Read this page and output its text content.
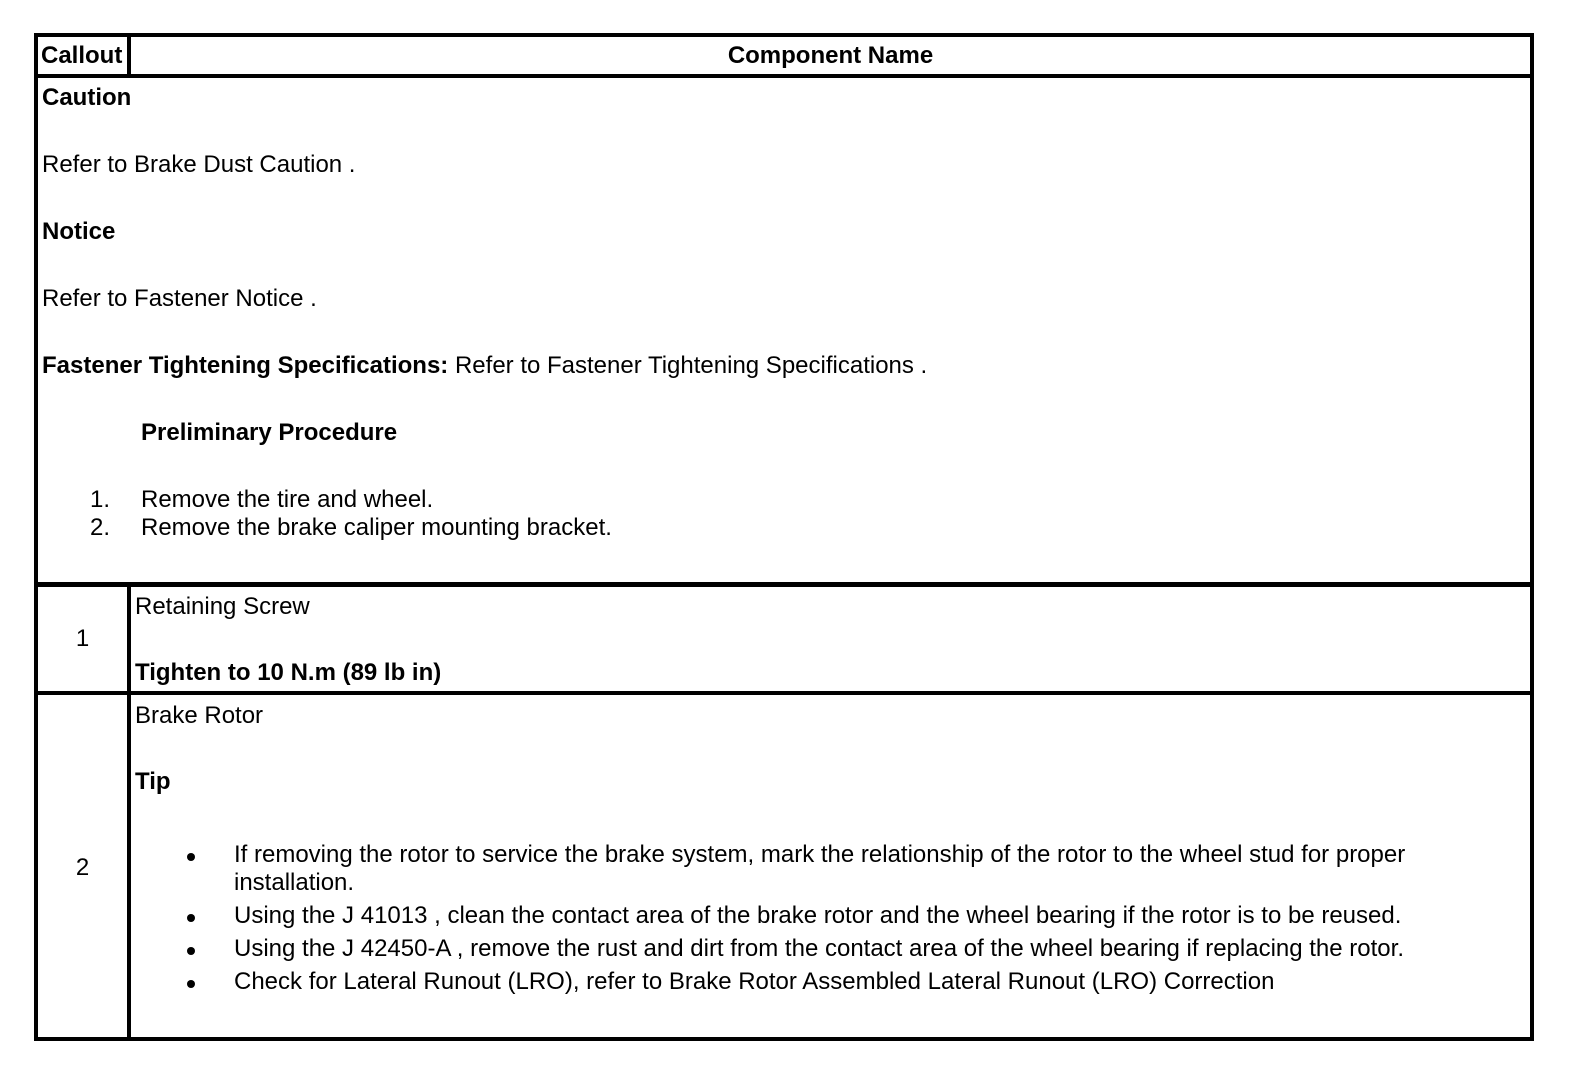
Callout	Component Name
Caution
Refer to Brake Dust Caution .
Notice
Refer to Fastener Notice .
Fastener Tightening Specifications: Refer to Fastener Tightening Specifications .
Preliminary Procedure
1. Remove the tire and wheel.
2. Remove the brake caliper mounting bracket.
1
Retaining Screw
Tighten to 10 N.m (89 lb in)
2
Brake Rotor
Tip
If removing the rotor to service the brake system, mark the relationship of the rotor to the wheel stud for proper
installation.
Using the J 41013 , clean the contact area of the brake rotor and the wheel bearing if the rotor is to be reused.
Using the J 42450-A , remove the rust and dirt from the contact area of the wheel bearing if replacing the rotor.
Check for Lateral Runout (LRO), refer to Brake Rotor Assembled Lateral Runout (LRO) Correction
